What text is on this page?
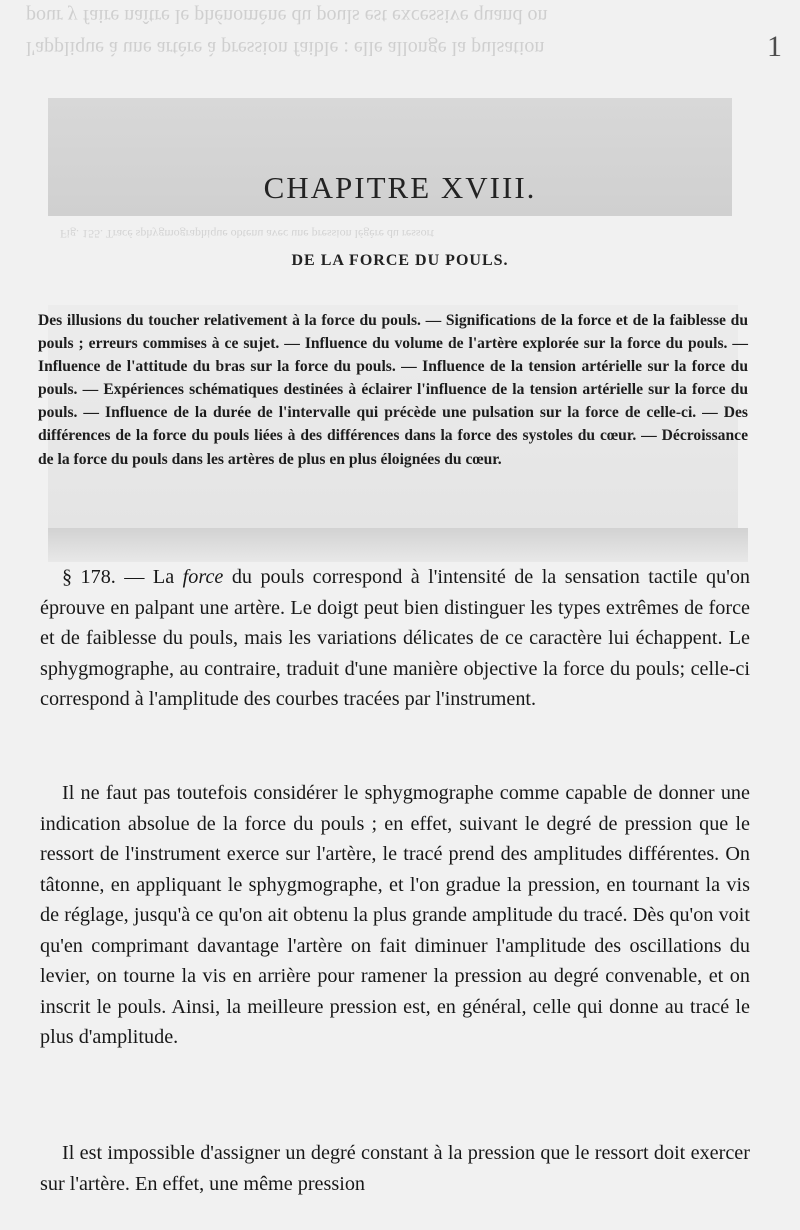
pour y faire naître le phénomène du pouls est excessive quand on
l'applique à une artère à pression faible : elle allonge la pulsation
Fig. 155. Tracé sphygmographique obtenu avec une pression légère du ressort
1
CHAPITRE XVIII.
DE LA FORCE DU POULS.

Des illusions du toucher relativement à la force du pouls. — Significations de la force et de la faiblesse du pouls ; erreurs commises à ce sujet. — Influence du volume de l'artère explorée sur la force du pouls. — Influence de l'attitude du bras sur la force du pouls. — Influence de la tension artérielle sur la force du pouls. — Expériences schématiques destinées à éclairer l'influence de la tension artérielle sur la force du pouls. — Influence de la durée de l'intervalle qui précède une pulsation sur la force de celle-ci. — Des différences de la force du pouls liées à des différences dans la force des systoles du cœur. — Décroissance de la force du pouls dans les artères de plus en plus éloignées du cœur.

§ 178. — La force du pouls correspond à l'intensité de la sensation tactile qu'on éprouve en palpant une artère. Le doigt peut bien distinguer les types extrêmes de force et de faiblesse du pouls, mais les variations délicates de ce caractère lui échappent. Le sphygmographe, au contraire, traduit d'une manière objective la force du pouls; celle-ci correspond à l'amplitude des courbes tracées par l'instrument.

Il ne faut pas toutefois considérer le sphygmographe comme capable de donner une indication absolue de la force du pouls ; en effet, suivant le degré de pression que le ressort de l'instrument exerce sur l'artère, le tracé prend des amplitudes différentes. On tâtonne, en appliquant le sphygmographe, et l'on gradue la pression, en tournant la vis de réglage, jusqu'à ce qu'on ait obtenu la plus grande amplitude du tracé. Dès qu'on voit qu'en comprimant davantage l'artère on fait diminuer l'amplitude des oscillations du levier, on tourne la vis en arrière pour ramener la pression au degré convenable, et on inscrit le pouls. Ainsi, la meilleure pression est, en général, celle qui donne au tracé le plus d'amplitude.

Il est impossible d'assigner un degré constant à la pression que le ressort doit exercer sur l'artère. En effet, une même pression
